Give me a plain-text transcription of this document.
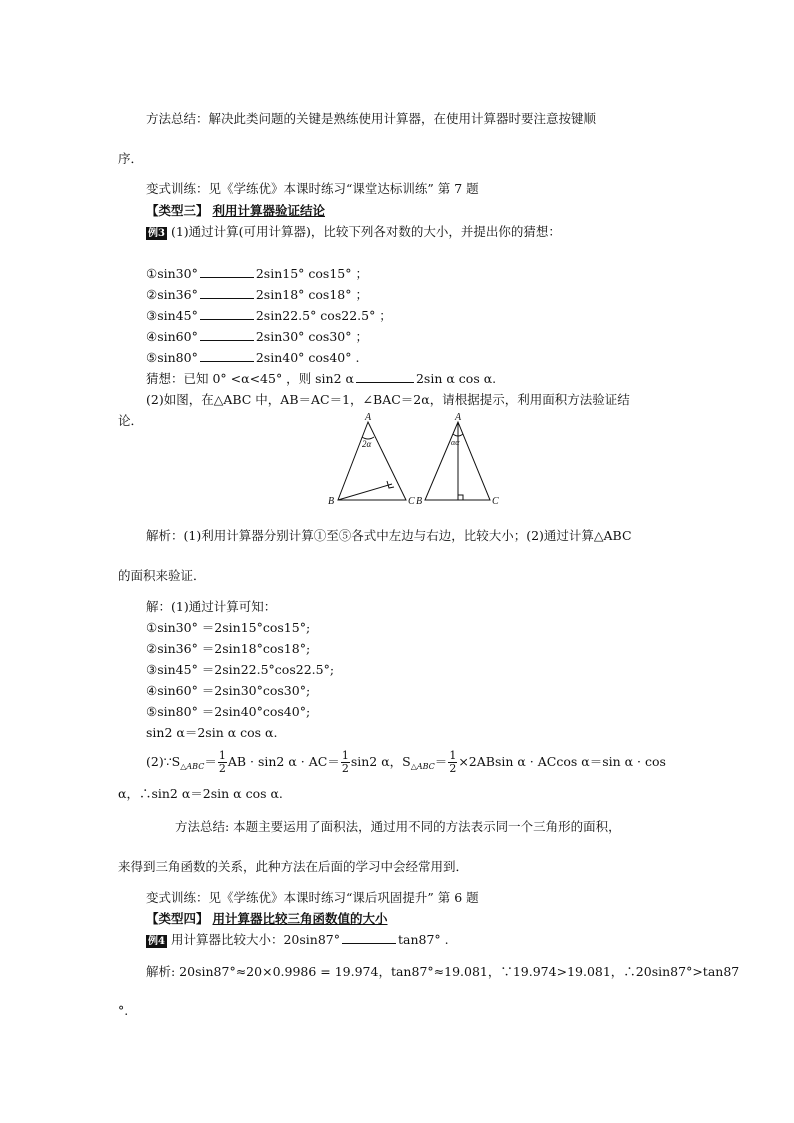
方法总结：解决此类问题的关键是熟练使用计算器，在使用计算器时要注意按键顺
序．
变式训练：见《学练优》本课时练习“课堂达标训练” 第 7 题
【类型三】 利用计算器验证结论
例3 (1)通过计算(可用计算器)，比较下列各对数的大小，并提出你的猜想：
①sin30°	2sin15° cos15° ；
②sin36°	2sin18° cos18° ；
③sin45°	2sin22.5° cos22.5° ；
④sin60°	2sin30° cos30° ；
⑤sin80°	2sin40° cos40° .
猜想：已知 0° <α<45° ，则 sin2 α	2sin α cos α.
(2)如图，在△ABC 中，AB＝AC＝1，∠BAC＝2α，请根据提示，利用面积方法验证结
论．	A
B	C
2α
A
B	C
αα
解析：(1)利用计算器分别计算①至⑤各式中左边与右边，比较大小；(2)通过计算△ABC
的面积来验证．
解：(1)通过计算可知：
①sin30° ＝2sin15°cos15°;
②sin36° ＝2sin18°cos18°;
③sin45° ＝2sin22.5°cos22.5°;
④sin60° ＝2sin30°cos30°;
⑤sin80° ＝2sin40°cos40°;
sin2 α＝2sin α cos α.
$(2)\because S_{\triangle ABC}= \frac{1}{2}$ AB · sin2 $\alpha \cdot AC= \frac{1}{2} \sin 2$ α，$S_{\triangle ABC}= \frac{1}{2} \times 2ABsin$ α · ACcos α＝sin α · cos
α，∴sin2 α＝2sin α cos α.
方法总结: 本题主要运用了面积法，通过用不同的方法表示同一个三角形的面积，
来得到三角函数的关系，此种方法在后面的学习中会经常用到．
变式训练：见《学练优》本课时练习“课后巩固提升” 第 6 题
【类型四】 用计算器比较三角函数值的大小
例4 用计算器比较大小：20sin87°	tan87° .
解析: 20sin87°≈20×0.9986 = 19.974，tan87°≈19.081，∵19.974>19.081，∴20sin87°>tan87
°.
